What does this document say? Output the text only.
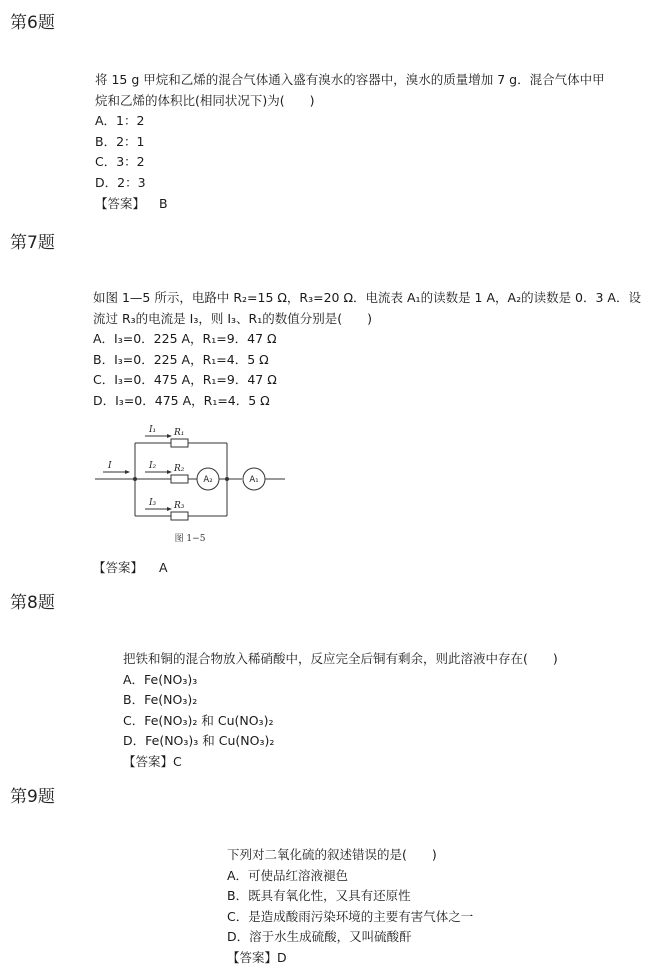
第6题
将 15 g 甲烷和乙烯的混合气体通入盛有溴水的容器中，溴水的质量增加 7 g．混合气体中甲
烷和乙烯的体积比(相同状况下)为(　　)
A．1：2
B．2：1
C．3：2
D．2：3
【答案】 B
第7题
如图 1—5 所示，电路中 R₂=15 Ω，R₃=20 Ω．电流表 A₁的读数是 1 A，A₂的读数是 0．3 A．设
流过 R₃的电流是 I₃，则 I₃、R₁的数值分别是(　　)
A．I₃=0．225 A，R₁=9．47 Ω
B．I₃=0．225 A，R₁=4．5 Ω
C．I₃=0．475 A，R₁=9．47 Ω
D．I₃=0．475 A，R₁=4．5 Ω
I
I₁ R₁
I₂ R₂
I₃ R₃
A₂	A₁
图 1−5
【答案】 A
第8题
把铁和铜的混合物放入稀硝酸中，反应完全后铜有剩余，则此溶液中存在(　　)
A．Fe(NO₃)₃
B．Fe(NO₃)₂
C．Fe(NO₃)₂ 和 Cu(NO₃)₂
D．Fe(NO₃)₃ 和 Cu(NO₃)₂
【答案】C
第9题
下列对二氧化硫的叙述错误的是(　　)
A．可使品红溶液褪色
B．既具有氧化性，又具有还原性
C．是造成酸雨污染环境的主要有害气体之一
D．溶于水生成硫酸，又叫硫酸酐
【答案】D
